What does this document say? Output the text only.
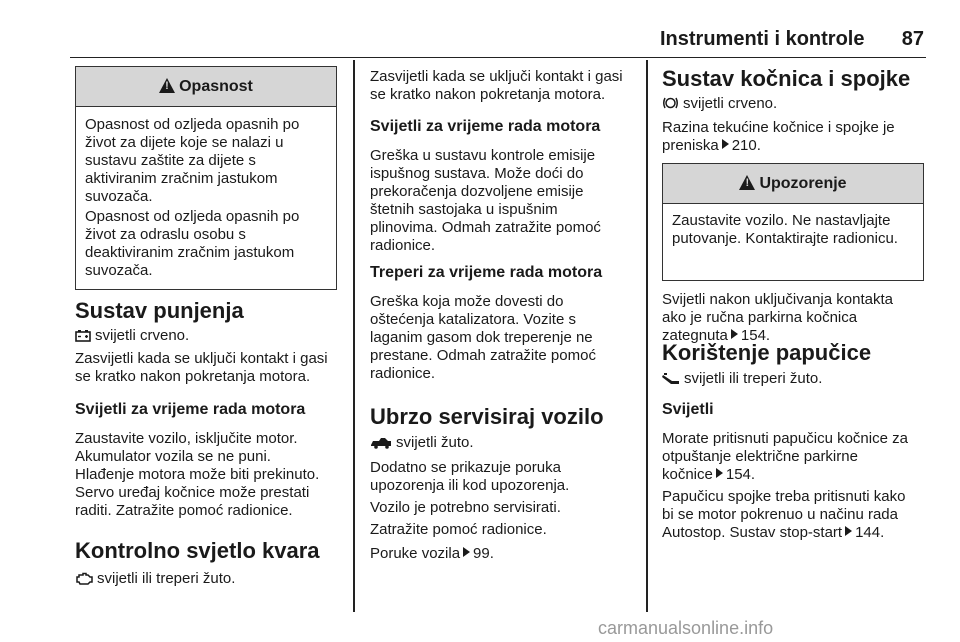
Instrumenti i kontrole 87
!
Opasnost
Opasnost od ozljeda opasnih po
život za dijete koje se nalazi u
sustavu zaštite za dijete s
aktiviranim zračnim jastukom
suvozača.
Opasnost od ozljeda opasnih po
život za odraslu osobu s
deaktiviranim zračnim jastukom
suvozača.
Sustav punjenja
svijetli crveno.
Zasvijetli kada se uključi kontakt i gasi
se kratko nakon pokretanja motora.
Svijetli za vrijeme rada motora
Zaustavite vozilo, isključite motor.
Akumulator vozila se ne puni.
Hlađenje motora može biti prekinuto.
Servo uređaj kočnice može prestati
raditi. Zatražite pomoć radionice.
Kontrolno svjetlo kvara
svijetli ili treperi žuto.
Zasvijetli kada se uključi kontakt i gasi
se kratko nakon pokretanja motora.
Svijetli za vrijeme rada motora
Greška u sustavu kontrole emisije
ispušnog sustava. Može doći do
prekoračenja dozvoljene emisije
štetnih sastojaka u ispušnim
plinovima. Odmah zatražite pomoć
radionice.
Treperi za vrijeme rada motora
Greška koja može dovesti do
oštećenja katalizatora. Vozite s
laganim gasom dok treperenje ne
prestane. Odmah zatražite pomoć
radionice.
Ubrzo servisiraj vozilo
svijetli žuto.
Dodatno se prikazuje poruka
upozorenja ili kod upozorenja.
Vozilo je potrebno servisirati.
Zatražite pomoć radionice.
Poruke vozila 99.
Sustav kočnica i spojke
svijetli crveno.
Razina tekućine kočnice i spojke je
preniska 210.
!
Upozorenje
Zaustavite vozilo. Ne nastavljajte
putovanje. Kontaktirajte radionicu.
Svijetli nakon uključivanja kontakta
ako je ručna parkirna kočnica
zategnuta 154.
Korištenje papučice
svijetli ili treperi žuto.
Svijetli
Morate pritisnuti papučicu kočnice za
otpuštanje električne parkirne
kočnice 154.
Papučicu spojke treba pritisnuti kako
bi se motor pokrenuo u načinu rada
Autostop. Sustav stop-start 144.
carmanualsonline.info
